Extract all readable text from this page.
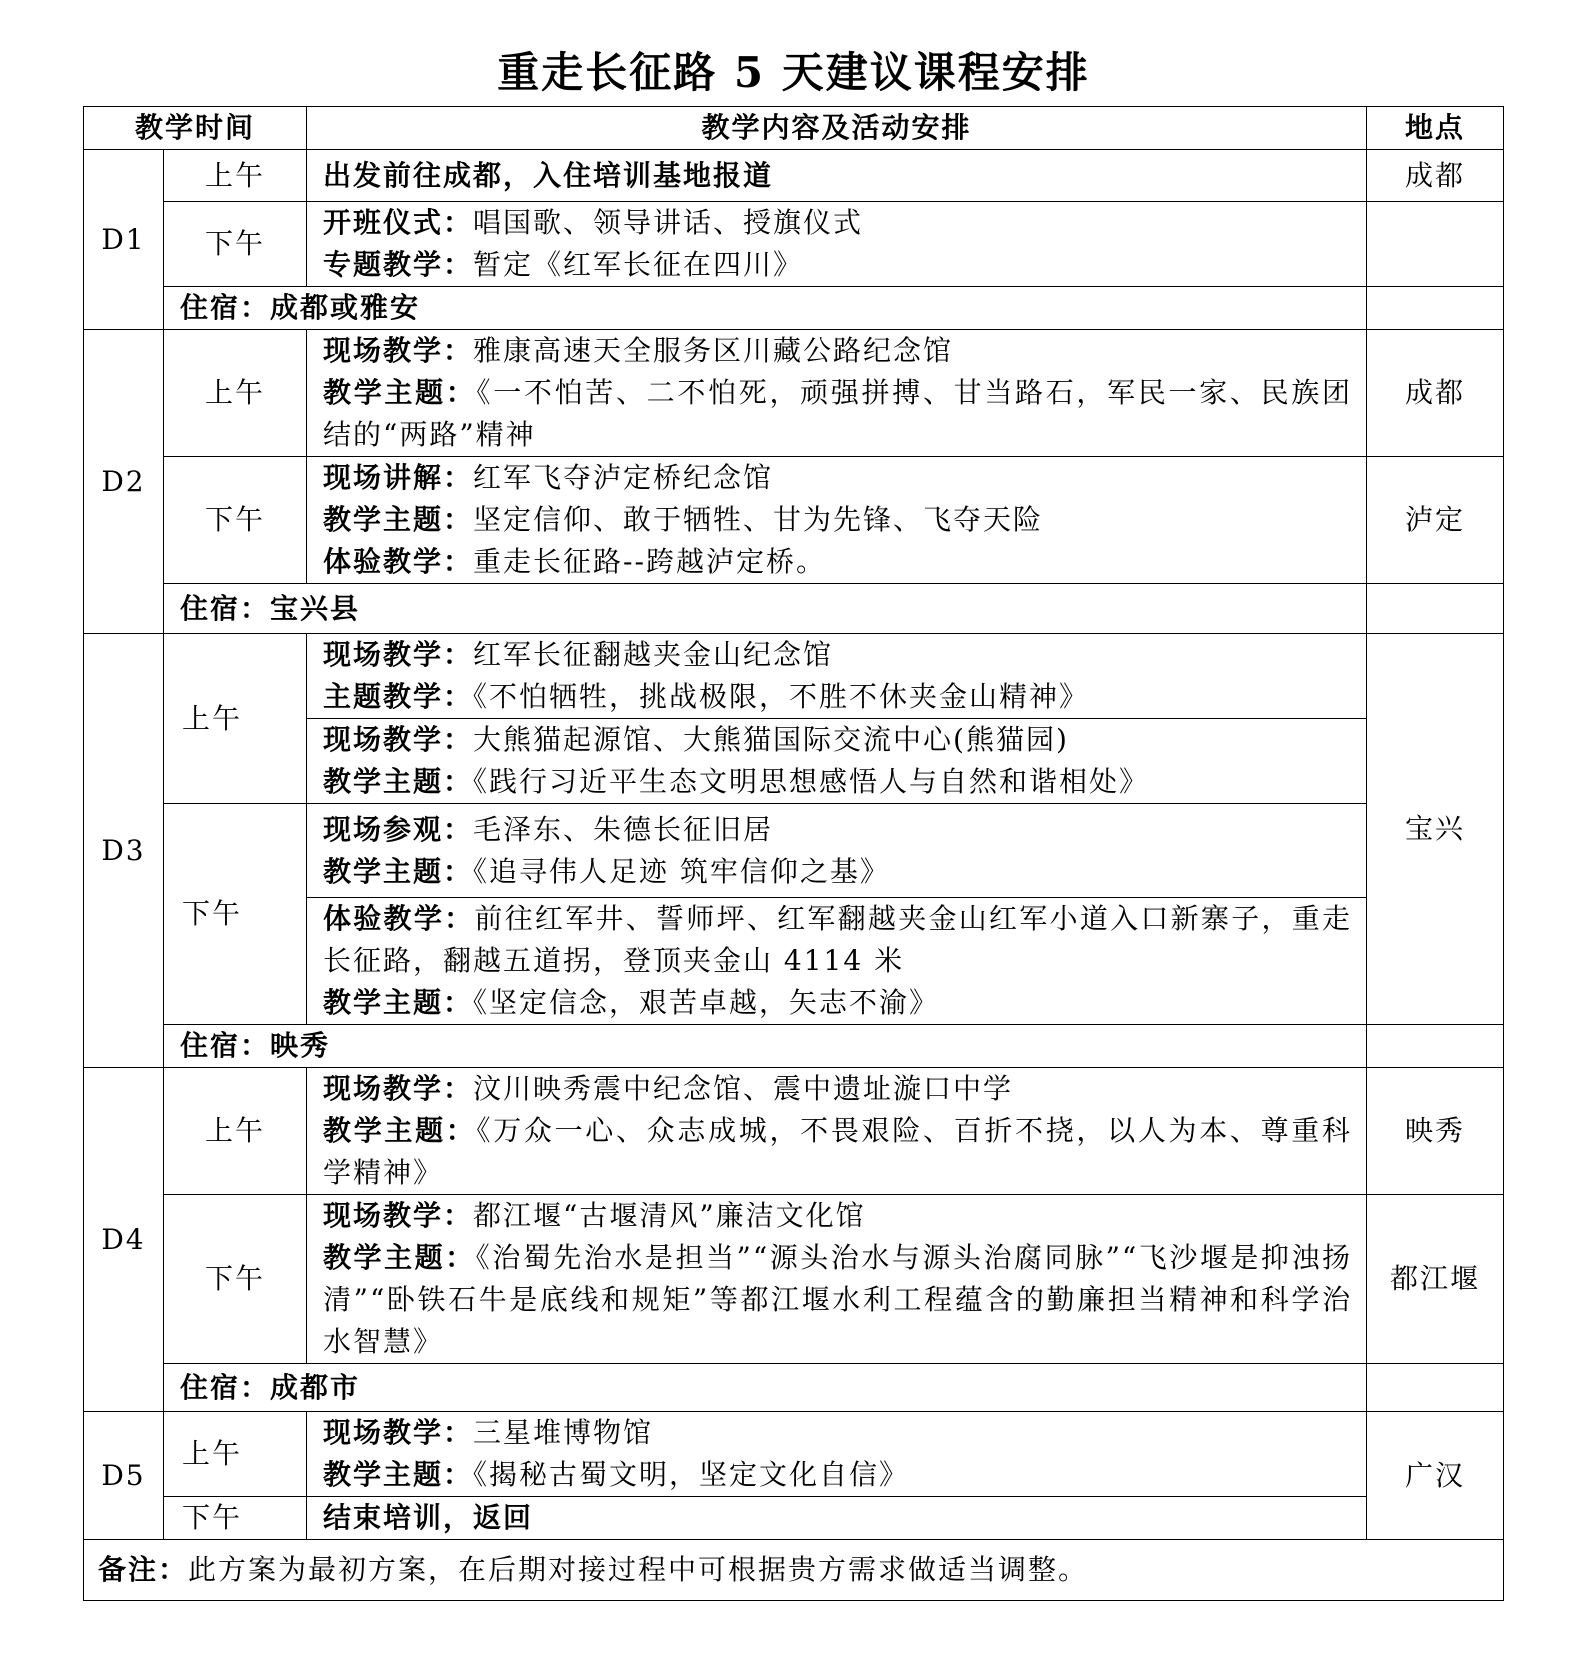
重走长征路 5 天建议课程安排
教学时间		教学内容及活动安排	地点
D1	上午	出发前往成都，入住培训基地报道	成都
	下午	开班仪式：唱国歌、领导讲话、授旗仪式
专题教学：暂定《红军长征在四川》	

	住宿：成都或雅安		
D2	上午	现场教学：雅康高速天全服务区川藏公路纪念馆
教学主题：《一不怕苦、二不怕死，顽强拼搏、甘当路石，军民一家、民族团结的“两路”精神	成都
	下午	现场讲解：红军飞夺泸定桥纪念馆
教学主题：坚定信仰、敢于牺牲、甘为先锋、飞夺天险
体验教学：重走长征路--跨越泸定桥。	泸定
	住宿：宝兴县		
D3	上午	现场教学：红军长征翻越夹金山纪念馆
主题教学：《不怕牺牲，挑战极限，不胜不休夹金山精神》	宝兴

		现场教学：大熊猫起源馆、大熊猫国际交流中心(熊猫园)
教学主题：《践行习近平生态文明思想感悟人与自然和谐相处》	

	下午	现场参观：毛泽东、朱德长征旧居
教学主题：《追寻伟人足迹 筑牢信仰之基》	

		体验教学：前往红军井、誓师坪、红军翻越夹金山红军小道入口新寨子，重走长征路，翻越五道拐，登顶夹金山 4114 米
教学主题：《坚定信念，艰苦卓越，矢志不渝》	

	住宿：映秀		
D4	上午	现场教学：汶川映秀震中纪念馆、震中遗址漩口中学
教学主题：《万众一心、众志成城，不畏艰险、百折不挠，以人为本、尊重科学精神》	映秀
	下午	现场教学：都江堰“古堰清风”廉洁文化馆
教学主题：《治蜀先治水是担当”“源头治水与源头治腐同脉”“飞沙堰是抑浊扬清”“卧铁石牛是底线和规矩”等都江堰水利工程蕴含的勤廉担当精神和科学治水智慧》	都江堰
	住宿：成都市		
D5	上午	现场教学：三星堆博物馆
教学主题：《揭秘古蜀文明，坚定文化自信》	广汉
	下午	结束培训，返回	
备注：此方案为最初方案，在后期对接过程中可根据贵方需求做适当调整。			
